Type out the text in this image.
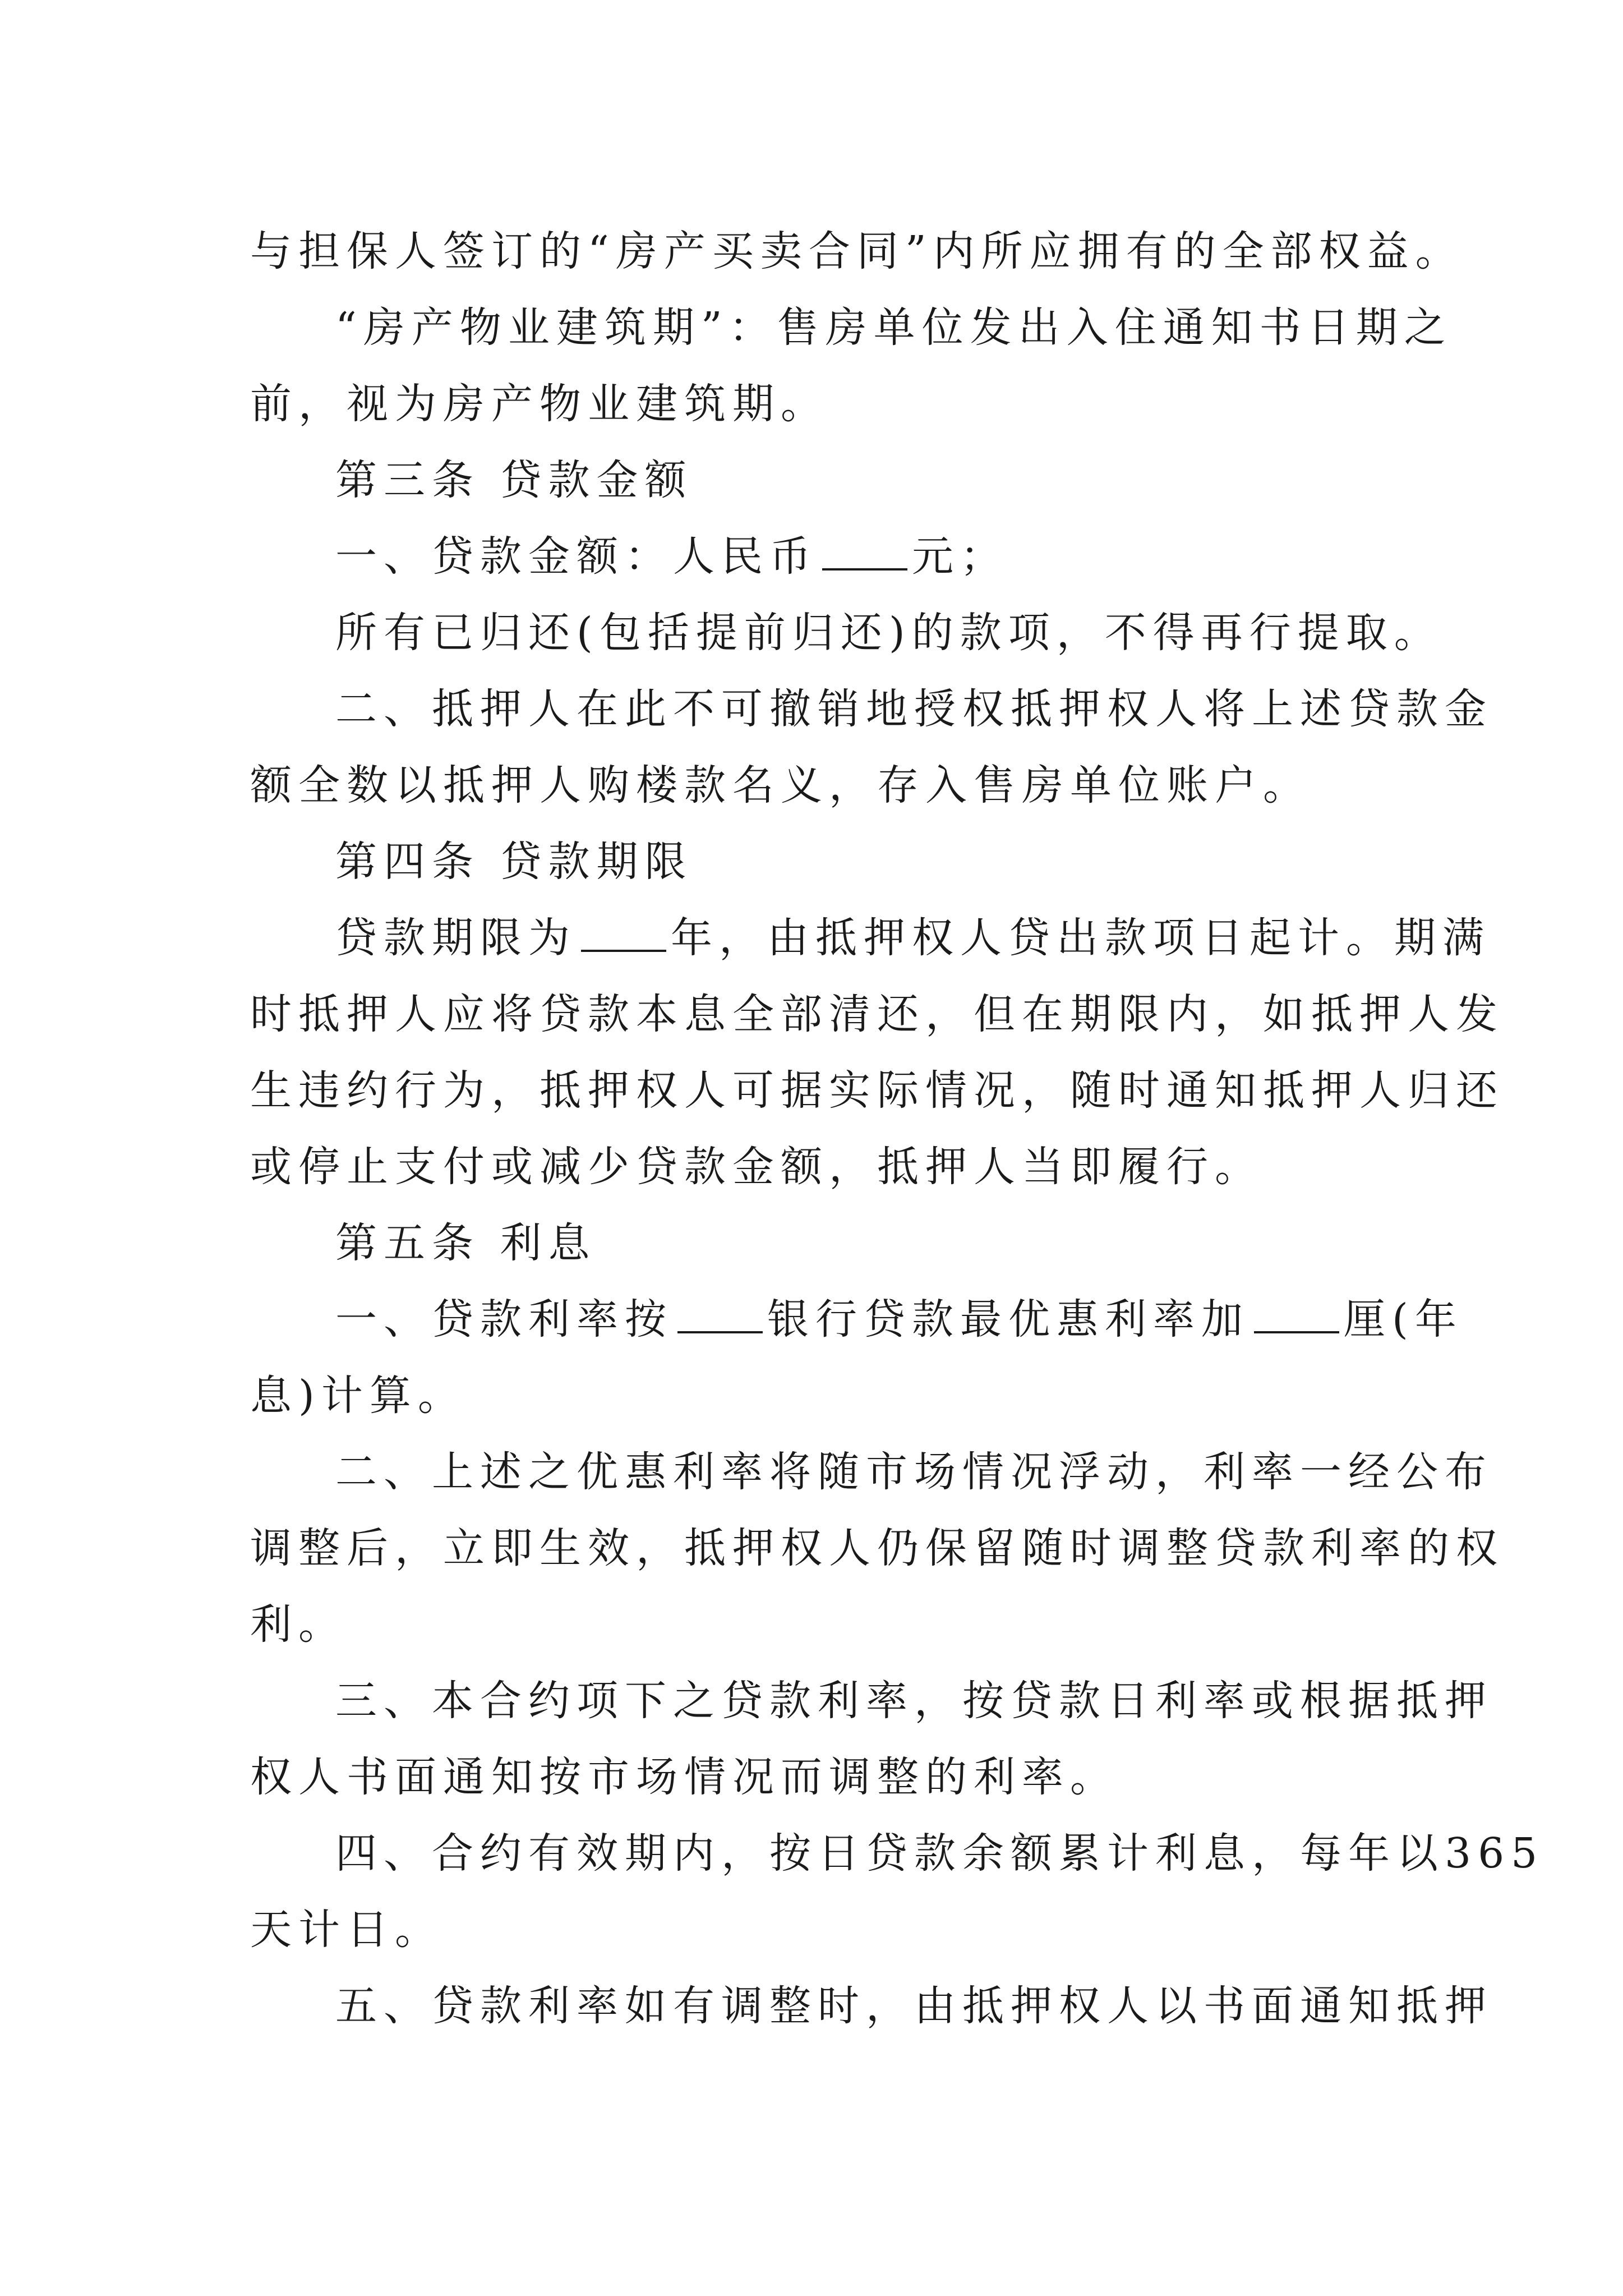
与担保人签订的“房产买卖合同”内所应拥有的全部权益。
“房产物业建筑期”：售房单位发出入住通知书日期之
前，视为房产物业建筑期。
第三条 贷款金额
一、贷款金额：人民币 元；
所有已归还(包括提前归还)的款项，不得再行提取。
二、抵押人在此不可撤销地授权抵押权人将上述贷款金
额全数以抵押人购楼款名义，存入售房单位账户。
第四条 贷款期限
贷款期限为 年，由抵押权人贷出款项日起计。期满
时抵押人应将贷款本息全部清还，但在期限内，如抵押人发
生违约行为，抵押权人可据实际情况，随时通知抵押人归还
或停止支付或减少贷款金额，抵押人当即履行。
第五条 利息
一、贷款利率按 银行贷款最优惠利率加 厘(年
息)计算。
二、上述之优惠利率将随市场情况浮动，利率一经公布
调整后，立即生效，抵押权人仍保留随时调整贷款利率的权
利。
三、本合约项下之贷款利率，按贷款日利率或根据抵押
权人书面通知按市场情况而调整的利率。
四、合约有效期内，按日贷款余额累计利息，每年以365
天计日。
五、贷款利率如有调整时，由抵押权人以书面通知抵押
